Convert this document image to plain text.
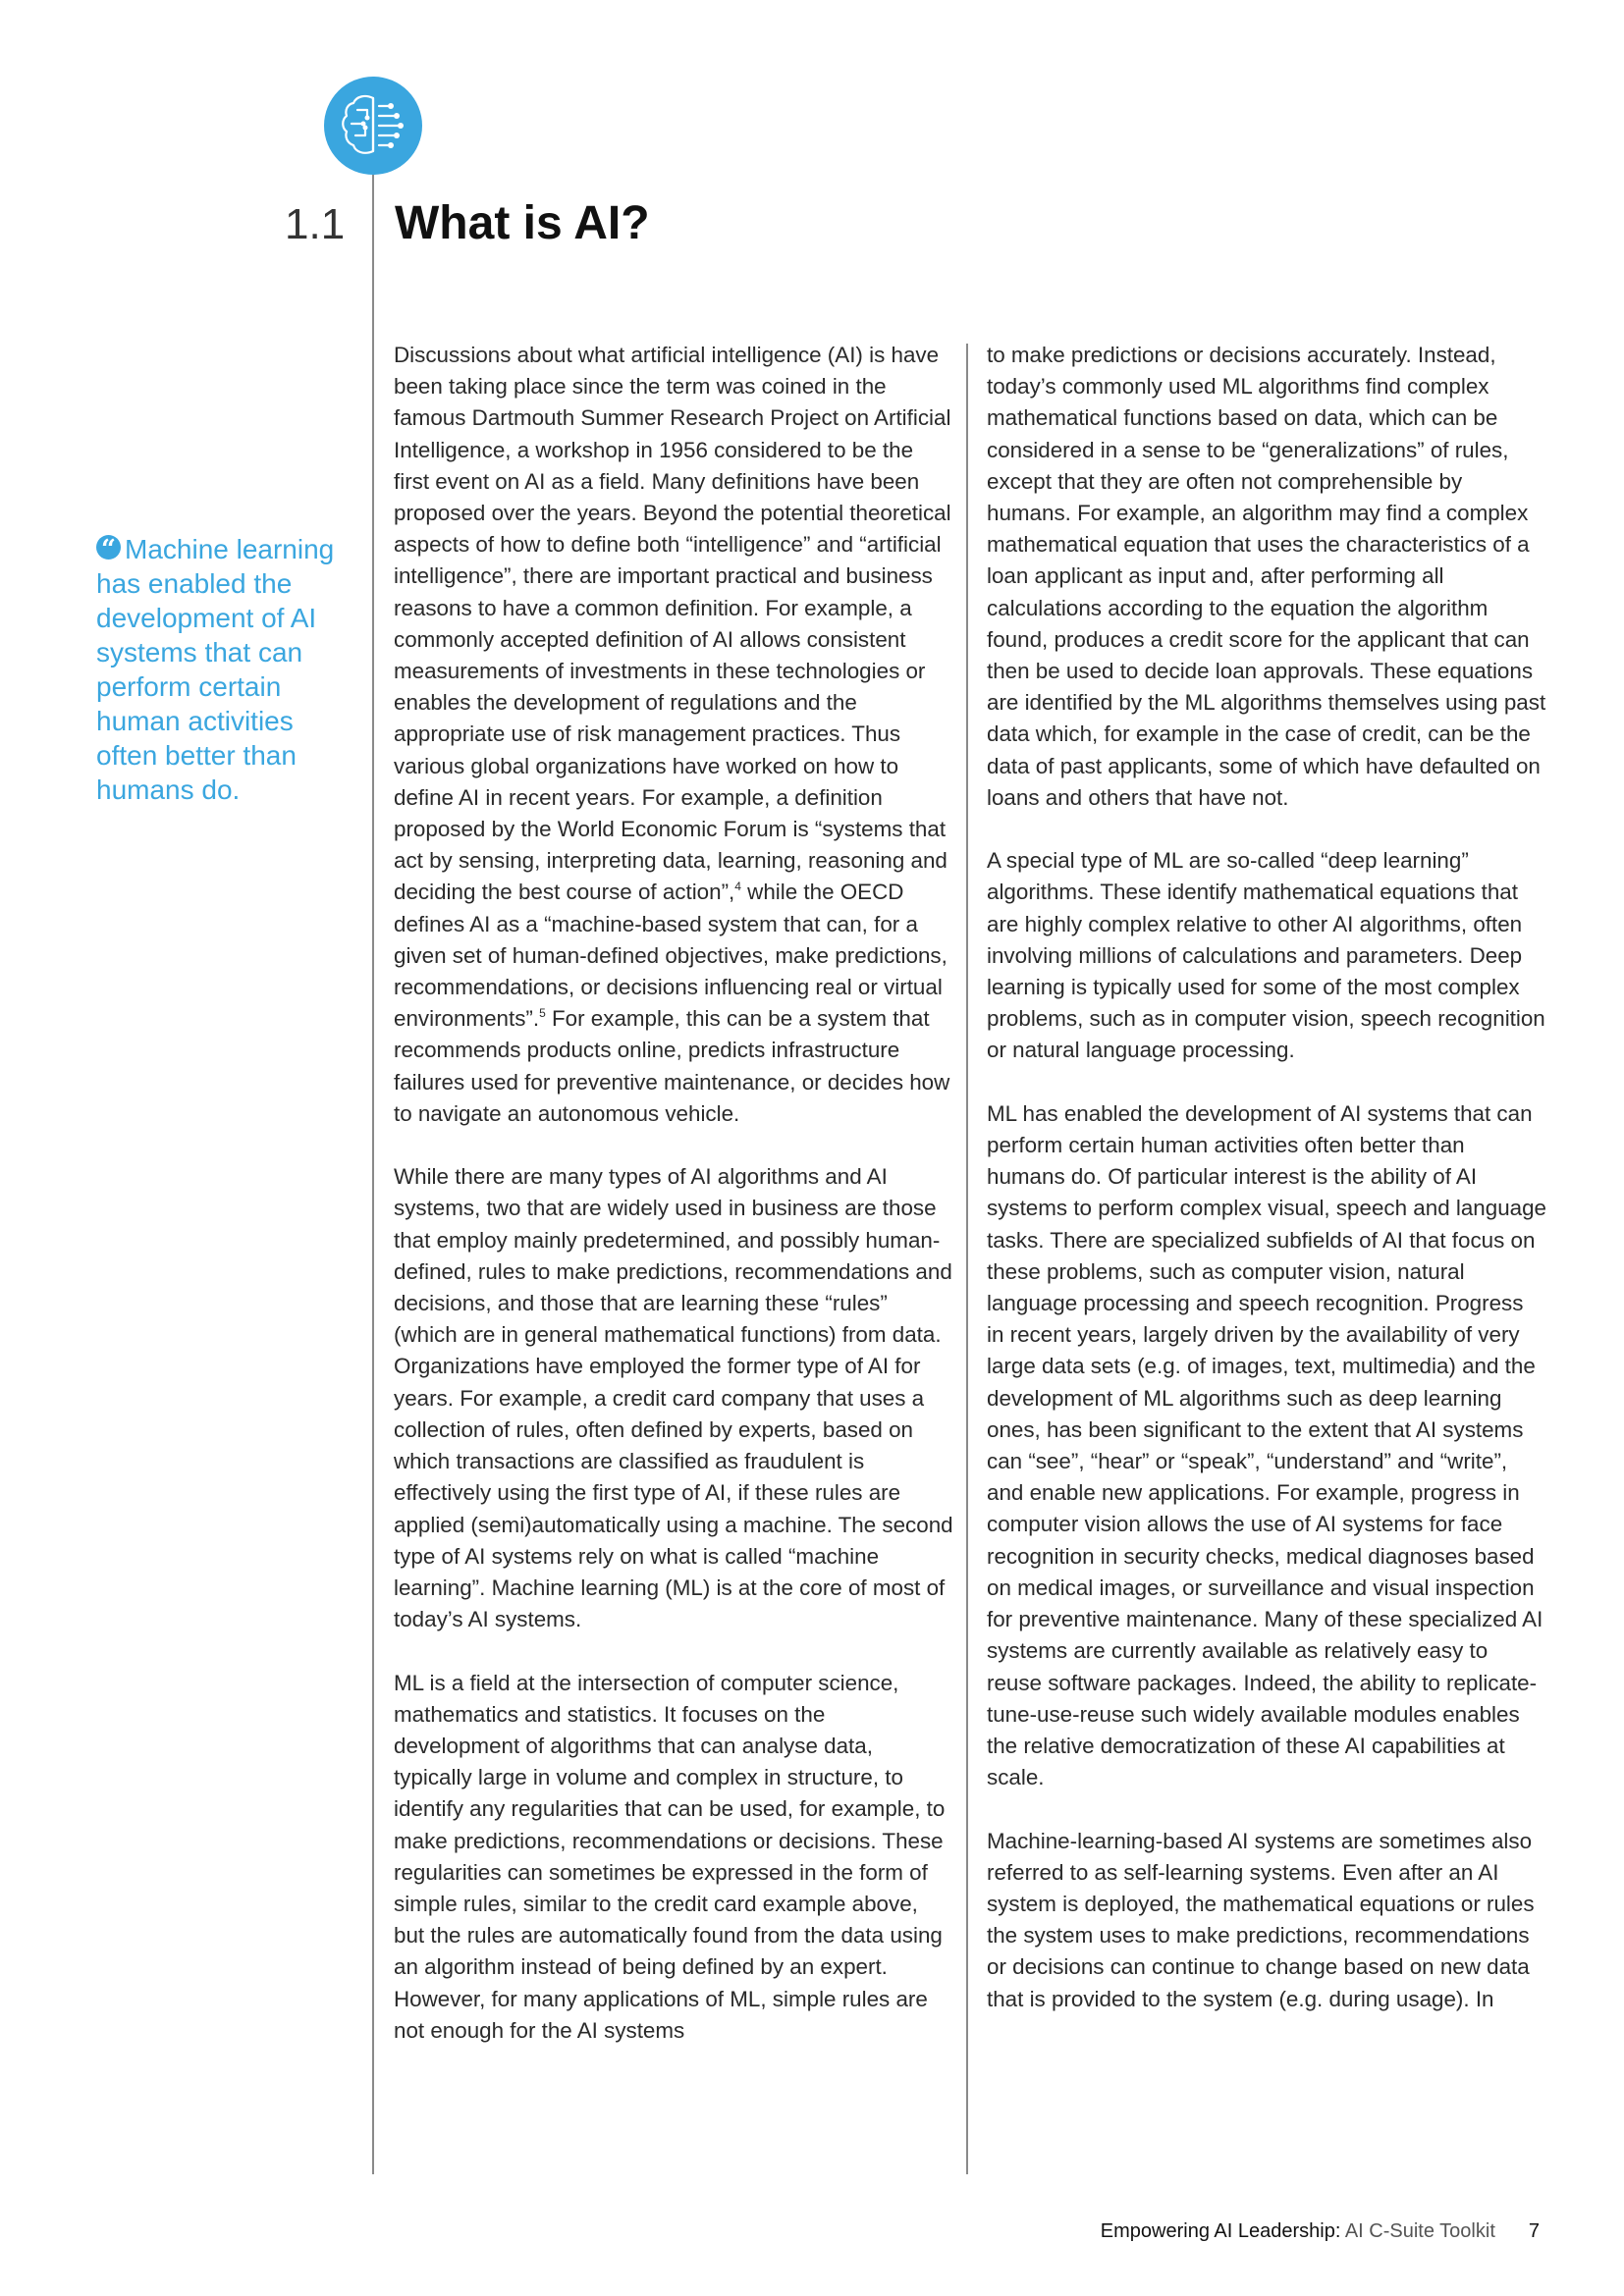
1.1 What is AI?
“ Machine learning has enabled the development of AI systems that can perform certain human activities often better than humans do.

Discussions about what artificial intelligence (AI) is have been taking place since the term was coined in the famous Dartmouth Summer Research Project on Artificial Intelligence, a workshop in 1956 considered to be the first event on AI as a field. Many definitions have been proposed over the years. Beyond the potential theoretical aspects of how to define both “intelligence” and “artificial intelligence”, there are important practical and business reasons to have a common definition. For example, a commonly accepted definition of AI allows consistent measurements of investments in these technologies or enables the development of regulations and the appropriate use of risk management practices. Thus various global organizations have worked on how to define AI in recent years. For example, a definition proposed by the World Economic Forum is “systems that act by sensing, interpreting data, learning, reasoning and deciding the best course of action”,$^4$ while the OECD defines AI as a “machine-based system that can, for a given set of human-defined objectives, make predictions, recommendations, or decisions influencing real or virtual environments”.$^5$ For example, this can be a system that recommends products online, predicts infrastructure failures used for preventive maintenance, or decides how to navigate an autonomous vehicle.

While there are many types of AI algorithms and AI systems, two that are widely used in business are those that employ mainly predetermined, and possibly human-defined, rules to make predictions, recommendations and decisions, and those that are learning these “rules” (which are in general mathematical functions) from data. Organizations have employed the former type of AI for years. For example, a credit card company that uses a collection of rules, often defined by experts, based on which transactions are classified as fraudulent is effectively using the first type of AI, if these rules are applied (semi)automatically using a machine. The second type of AI systems rely on what is called “machine learning”. Machine learning (ML) is at the core of most of today’s AI systems.

ML is a field at the intersection of computer science, mathematics and statistics. It focuses on the development of algorithms that can analyse data, typically large in volume and complex in structure, to identify any regularities that can be used, for example, to make predictions, recommendations or decisions. These regularities can sometimes be expressed in the form of simple rules, similar to the credit card example above, but the rules are automatically found from the data using an algorithm instead of being defined by an expert. However, for many applications of ML, simple rules are not enough for the AI systems

to make predictions or decisions accurately. Instead, today’s commonly used ML algorithms find complex mathematical functions based on data, which can be considered in a sense to be “generalizations” of rules, except that they are often not comprehensible by humans. For example, an algorithm may find a complex mathematical equation that uses the characteristics of a loan applicant as input and, after performing all calculations according to the equation the algorithm found, produces a credit score for the applicant that can then be used to decide loan approvals. These equations are identified by the ML algorithms themselves using past data which, for example in the case of credit, can be the data of past applicants, some of which have defaulted on loans and others that have not.

A special type of ML are so-called “deep learning” algorithms. These identify mathematical equations that are highly complex relative to other AI algorithms, often involving millions of calculations and parameters. Deep learning is typically used for some of the most complex problems, such as in computer vision, speech recognition or natural language processing.

ML has enabled the development of AI systems that can perform certain human activities often better than humans do. Of particular interest is the ability of AI systems to perform complex visual, speech and language tasks. There are specialized subfields of AI that focus on these problems, such as computer vision, natural language processing and speech recognition. Progress in recent years, largely driven by the availability of very large data sets (e.g. of images, text, multimedia) and the development of ML algorithms such as deep learning ones, has been significant to the extent that AI systems can “see”, “hear” or “speak”, “understand” and “write”, and enable new applications. For example, progress in computer vision allows the use of AI systems for face recognition in security checks, medical diagnoses based on medical images, or surveillance and visual inspection for preventive maintenance. Many of these specialized AI systems are currently available as relatively easy to reuse software packages. Indeed, the ability to replicate-tune-use-reuse such widely available modules enables the relative democratization of these AI capabilities at scale.

Machine-learning-based AI systems are sometimes also referred to as self-learning systems. Even after an AI system is deployed, the mathematical equations or rules the system uses to make predictions, recommendations or decisions can continue to change based on new data that is provided to the system (e.g. during usage). In

Empowering AI Leadership: AI C-Suite Toolkit 7
